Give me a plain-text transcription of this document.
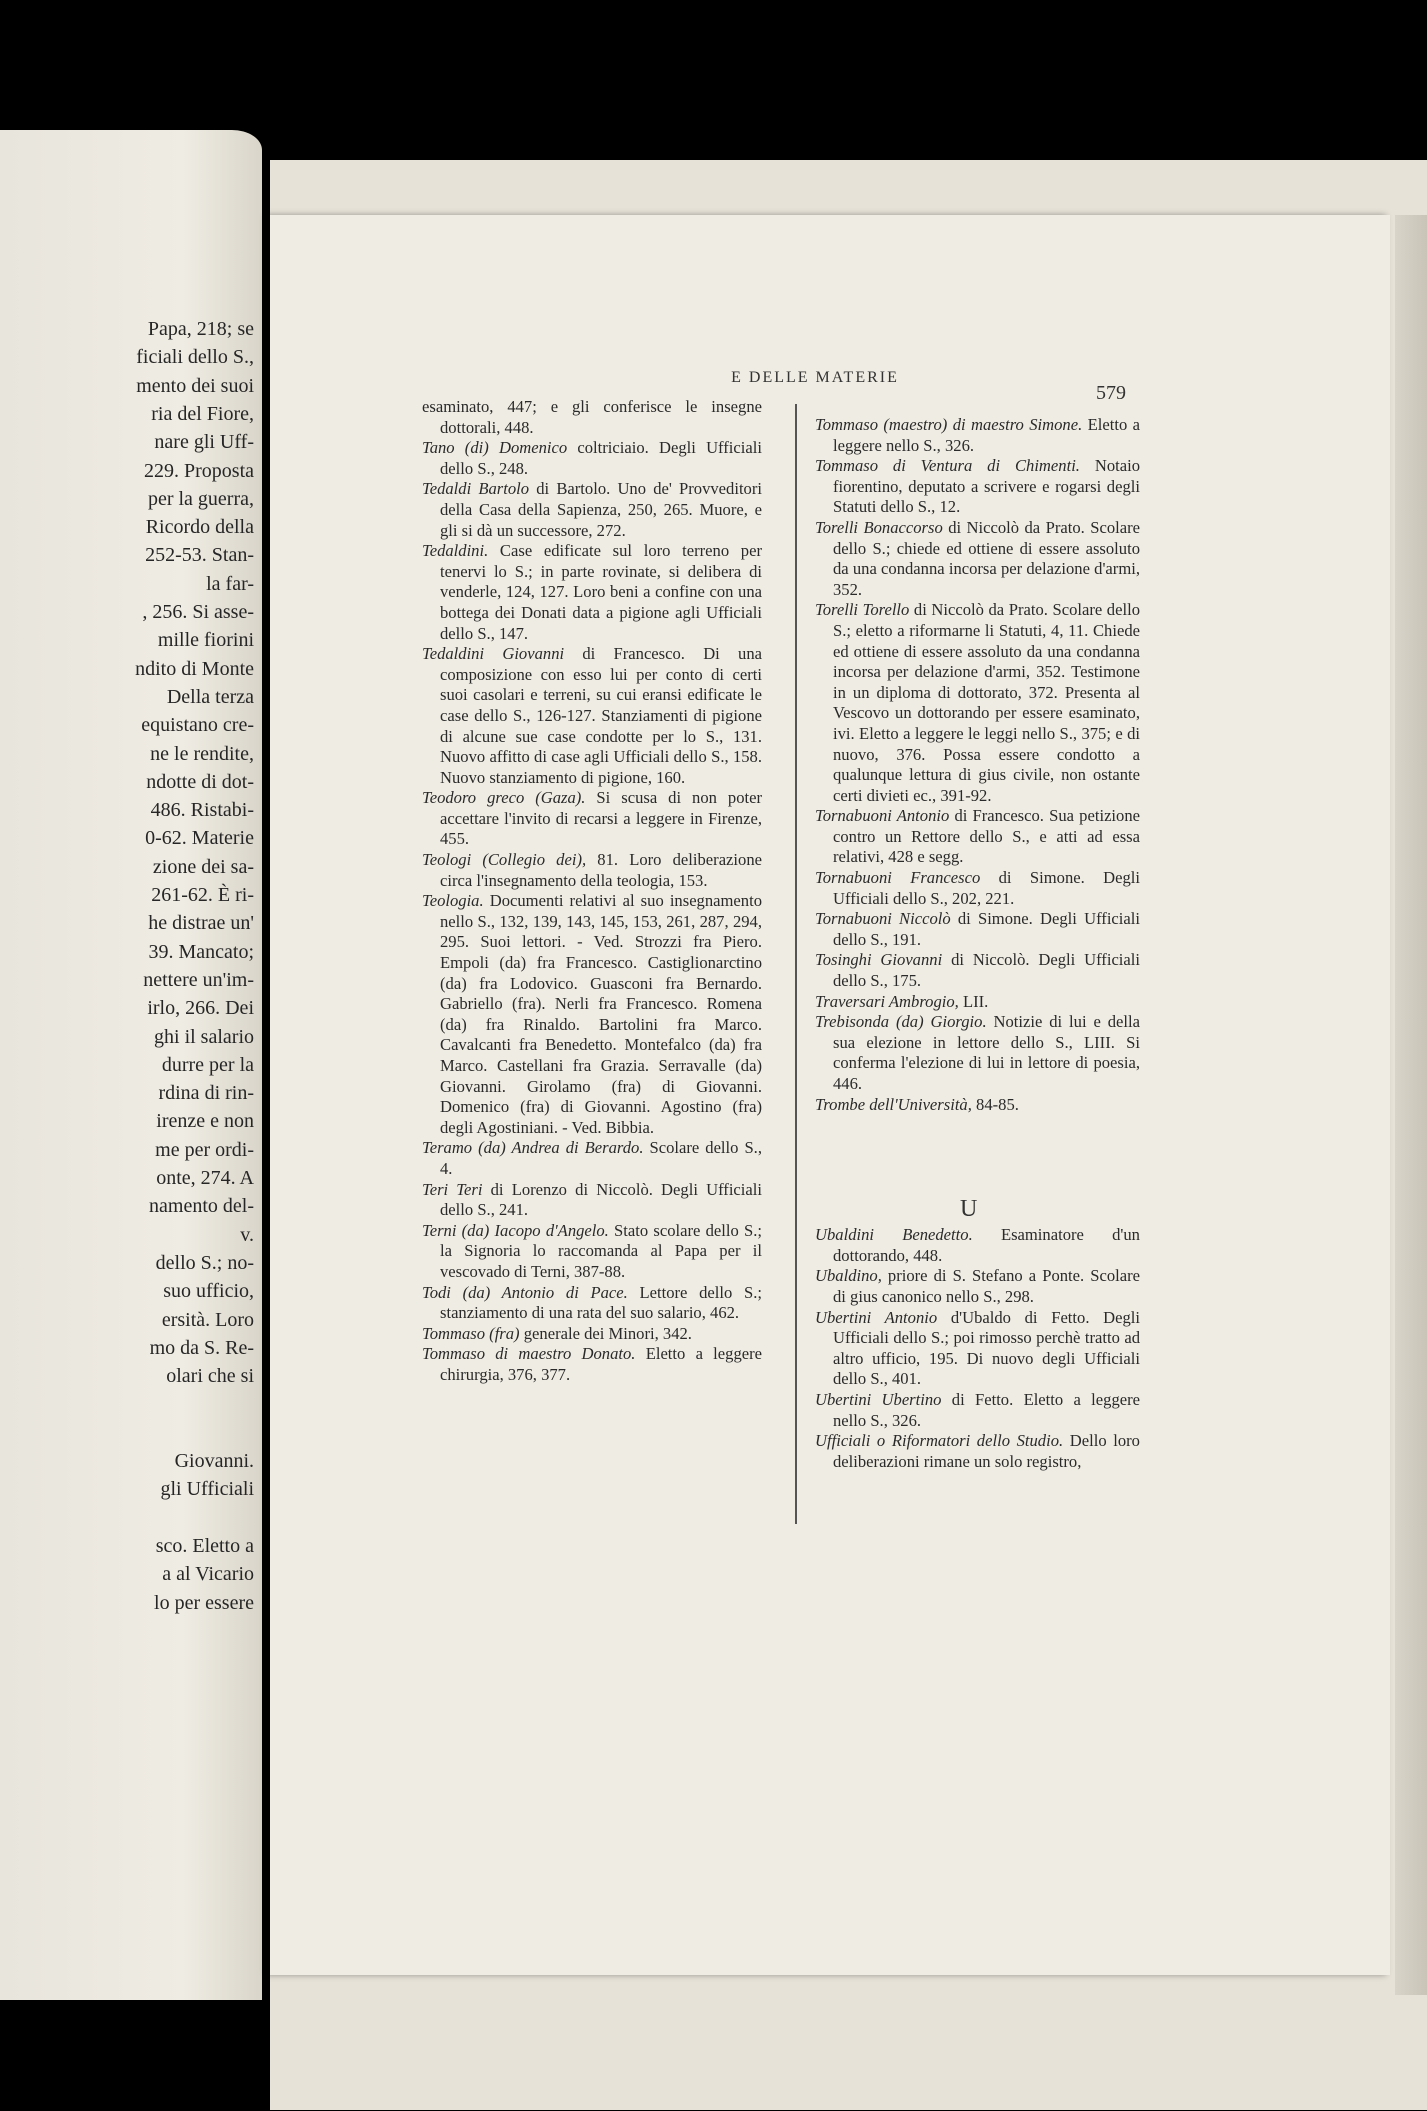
Papa, 218; se
ficiali dello S.,
mento dei suoi
ria del Fiore,
nare gli Uff-
229. Proposta
per la guerra,
Ricordo della
252-53. Stan-
la far-
, 256. Si asse-
mille fiorini
ndito di Monte
Della terza
equistano cre-
ne le rendite,
ndotte di dot-
486. Ristabi-
0-62. Materie
zione dei sa-
261-62. È ri-
he distrae un'
39. Mancato;
nettere un'im-
irlo, 266. Dei
ghi il salario
durre per la
rdina di rin-
irenze e non
me per ordi-
onte, 274. A
namento del-
v.
dello S.; no-
suo ufficio,
ersità. Loro
mo da S. Re-
olari che si
Giovanni.
gli Ufficiali
sco. Eletto a
a al Vicario
lo per essere
E DELLE MATERIE
579
esaminato, 447; e gli conferisce le insegne dottorali, 448.
Tano (di) Domenico coltriciaio. Degli Ufficiali dello S., 248.
Tedaldi Bartolo di Bartolo. Uno de' Provveditori della Casa della Sapienza, 250, 265. Muore, e gli si dà un successore, 272.
Tedaldini. Case edificate sul loro terreno per tenervi lo S.; in parte rovinate, si delibera di venderle, 124, 127. Loro beni a confine con una bottega dei Donati data a pigione agli Ufficiali dello S., 147.
Tedaldini Giovanni di Francesco. Di una composizione con esso lui per conto di certi suoi casolari e terreni, su cui eransi edificate le case dello S., 126-127. Stanziamenti di pigione di alcune sue case condotte per lo S., 131. Nuovo affitto di case agli Ufficiali dello S., 158. Nuovo stanziamento di pigione, 160.
Teodoro greco (Gaza). Si scusa di non poter accettare l'invito di recarsi a leggere in Firenze, 455.
Teologi (Collegio dei), 81. Loro deliberazione circa l'insegnamento della teologia, 153.
Teologia. Documenti relativi al suo insegnamento nello S., 132, 139, 143, 145, 153, 261, 287, 294, 295. Suoi lettori. - Ved. Strozzi fra Piero. Empoli (da) fra Francesco. Castiglionarctino (da) fra Lodovico. Guasconi fra Bernardo. Gabriello (fra). Nerli fra Francesco. Romena (da) fra Rinaldo. Bartolini fra Marco. Cavalcanti fra Benedetto. Montefalco (da) fra Marco. Castellani fra Grazia. Serravalle (da) Giovanni. Girolamo (fra) di Giovanni. Domenico (fra) di Giovanni. Agostino (fra) degli Agostiniani. - Ved. Bibbia.
Teramo (da) Andrea di Berardo. Scolare dello S., 4.
Teri Teri di Lorenzo di Niccolò. Degli Ufficiali dello S., 241.
Terni (da) Iacopo d'Angelo. Stato scolare dello S.; la Signoria lo raccomanda al Papa per il vescovado di Terni, 387-88.
Todi (da) Antonio di Pace. Lettore dello S.; stanziamento di una rata del suo salario, 462.
Tommaso (fra) generale dei Minori, 342.
Tommaso di maestro Donato. Eletto a leggere chirurgia, 376, 377.
Tommaso (maestro) di maestro Simone. Eletto a leggere nello S., 326.
Tommaso di Ventura di Chimenti. Notaio fiorentino, deputato a scrivere e rogarsi degli Statuti dello S., 12.
Torelli Bonaccorso di Niccolò da Prato. Scolare dello S.; chiede ed ottiene di essere assoluto da una condanna incorsa per delazione d'armi, 352.
Torelli Torello di Niccolò da Prato. Scolare dello S.; eletto a riformarne li Statuti, 4, 11. Chiede ed ottiene di essere assoluto da una condanna incorsa per delazione d'armi, 352. Testimone in un diploma di dottorato, 372. Presenta al Vescovo un dottorando per essere esaminato, ivi. Eletto a leggere le leggi nello S., 375; e di nuovo, 376. Possa essere condotto a qualunque lettura di gius civile, non ostante certi divieti ec., 391-92.
Tornabuoni Antonio di Francesco. Sua petizione contro un Rettore dello S., e atti ad essa relativi, 428 e segg.
Tornabuoni Francesco di Simone. Degli Ufficiali dello S., 202, 221.
Tornabuoni Niccolò di Simone. Degli Ufficiali dello S., 191.
Tosinghi Giovanni di Niccolò. Degli Ufficiali dello S., 175.
Traversari Ambrogio, LII.
Trebisonda (da) Giorgio. Notizie di lui e della sua elezione in lettore dello S., LIII. Si conferma l'elezione di lui in lettore di poesia, 446.
Trombe dell'Università, 84-85.
Ubaldini Benedetto. Esaminatore d'un dottorando, 448.
Ubaldino, priore di S. Stefano a Ponte. Scolare di gius canonico nello S., 298.
Ubertini Antonio d'Ubaldo di Fetto. Degli Ufficiali dello S.; poi rimosso perchè tratto ad altro ufficio, 195. Di nuovo degli Ufficiali dello S., 401.
Ubertini Ubertino di Fetto. Eletto a leggere nello S., 326.
Ufficiali o Riformatori dello Studio. Dello loro deliberazioni rimane un solo registro,
U
